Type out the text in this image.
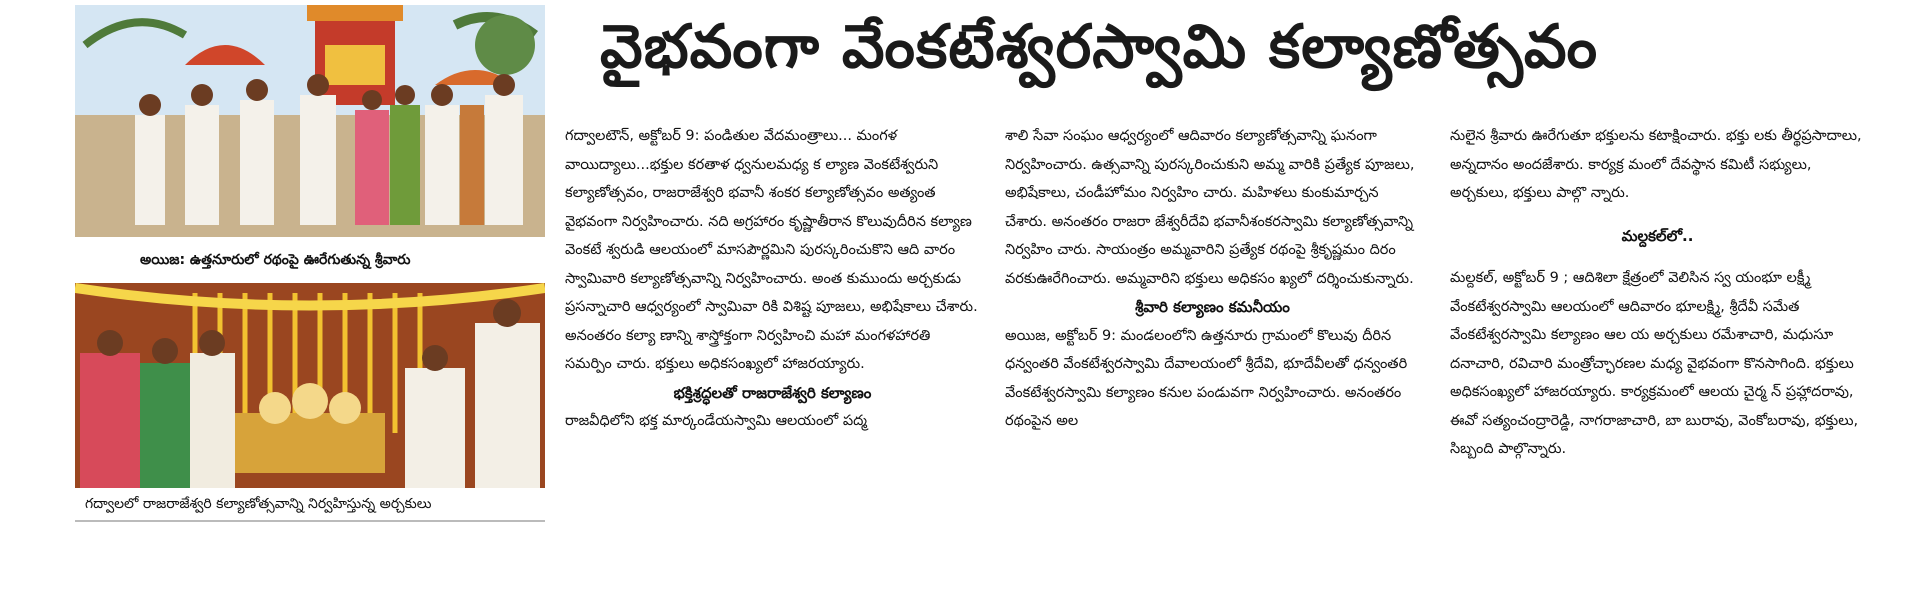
అయిజ: ఉత్తనూరులో రథంపై ఊరేగుతున్న శ్రీవారు
గద్వాలలో రాజరాజేశ్వరి కల్యాణోత్సవాన్ని నిర్వహిస్తున్న అర్చకులు
వైభవంగా వేంకటేశ్వరస్వామి కల్యాణోత్సవం

గద్వాలటౌన్, అక్టోబర్ 9: పండితుల వేదమంత్రాలు... మంగళ వాయిద్యాలు...భక్తుల కరతాళ ధ్వనులమధ్య క ల్యాణ వెంకటేశ్వరుని కల్యాణోత్సవం, రాజరాజేశ్వరి భవానీ శంకర కల్యాణోత్సవం అత్యంత వైభవంగా నిర్వహించారు. నది అగ్రహారం కృష్ణాతీరాన కొలువుదీరిన కల్యాణ వెంకటే శ్వరుడి ఆలయంలో మాసపౌర్ణమిని పురస్కరించుకొని ఆది వారం స్వామివారి కల్యాణోత్సవాన్ని నిర్వహించారు. అంత కుముందు అర్చకుడు ప్రసన్నాచారి ఆధ్వర్యంలో స్వామివా రికి విశిష్ట పూజలు, అభిషేకాలు చేశారు. అనంతరం కల్యా ణాన్ని శాస్త్రోక్తంగా నిర్వహించి మహా మంగళహారతి సమర్పిం చారు. భక్తులు అధికసంఖ్యలో హాజరయ్యారు.

భక్తిశ్రద్ధలతో రాజరాజేశ్వరి కల్యాణం

రాజవీధిలోని భక్త మార్కండేయస్వామి ఆలయంలో పద్మ

శాలి సేవా సంఘం ఆధ్వర్యంలో ఆదివారం కల్యాణోత్సవాన్ని ఘనంగా నిర్వహించారు. ఉత్సవాన్ని పురస్కరించుకుని అమ్మ వారికి ప్రత్యేక పూజలు, అభిషేకాలు, చండీహోమం నిర్వహిం చారు. మహిళలు కుంకుమార్చన చేశారు. అనంతరం రాజరా జేశ్వరీదేవి భవానీశంకరస్వామి కల్యాణోత్సవాన్ని నిర్వహిం చారు. సాయంత్రం అమ్మవారిని ప్రత్యేక రథంపై శ్రీకృష్ణమం దిరం వరకుఊరేగించారు. అమ్మవారిని భక్తులు అధికసం ఖ్యలో దర్శించుకున్నారు.

శ్రీవారి కల్యాణం కమనీయం

అయిజ, అక్టోబర్ 9: మండలంలోని ఉత్తనూరు గ్రామంలో కొలువు దీరిన ధన్వంతరి వేంకటేశ్వరస్వామి దేవాలయంలో శ్రీదేవి, భూదేవీలతో ధన్వంతరి వేంకటేశ్వరస్వామి కల్యాణం కనుల పండువగా నిర్వహించారు. అనంతరం రథంపైన అల

నులైన శ్రీవారు ఊరేగుతూ భక్తులను కటాక్షించారు. భక్తు లకు తీర్థప్రసాదాలు, అన్నదానం అందజేశారు. కార్యక్ర మంలో దేవస్థాన కమిటీ సభ్యులు, అర్చకులు, భక్తులు పాల్గొ న్నారు.

మల్దకల్‌లో..

మల్దకల్, అక్టోబర్ 9 ; ఆదిశిలా క్షేత్రంలో వెలిసిన స్వ యంభూ లక్ష్మీ వేంకటేశ్వరస్వామి ఆలయంలో ఆదివారం భూలక్ష్మి, శ్రీదేవీ సమేత వేంకటేశ్వరస్వామి కల్యాణం ఆల య అర్చకులు రమేశాచారి, మధుసూ దనాచారి, రవిచారి మంత్రోచ్ఛారణల మధ్య వైభవంగా కొనసాగింది. భక్తులు అధికసంఖ్యలో హాజరయ్యారు. కార్యక్రమంలో ఆలయ చైర్మ న్ ప్రహ్లాదరావు, ఈవో సత్యంచంద్రారెడ్డి, నాగరాజాచారి, బా బురావు, వెంకోబరావు, భక్తులు, సిబ్బంది పాల్గొన్నారు.
